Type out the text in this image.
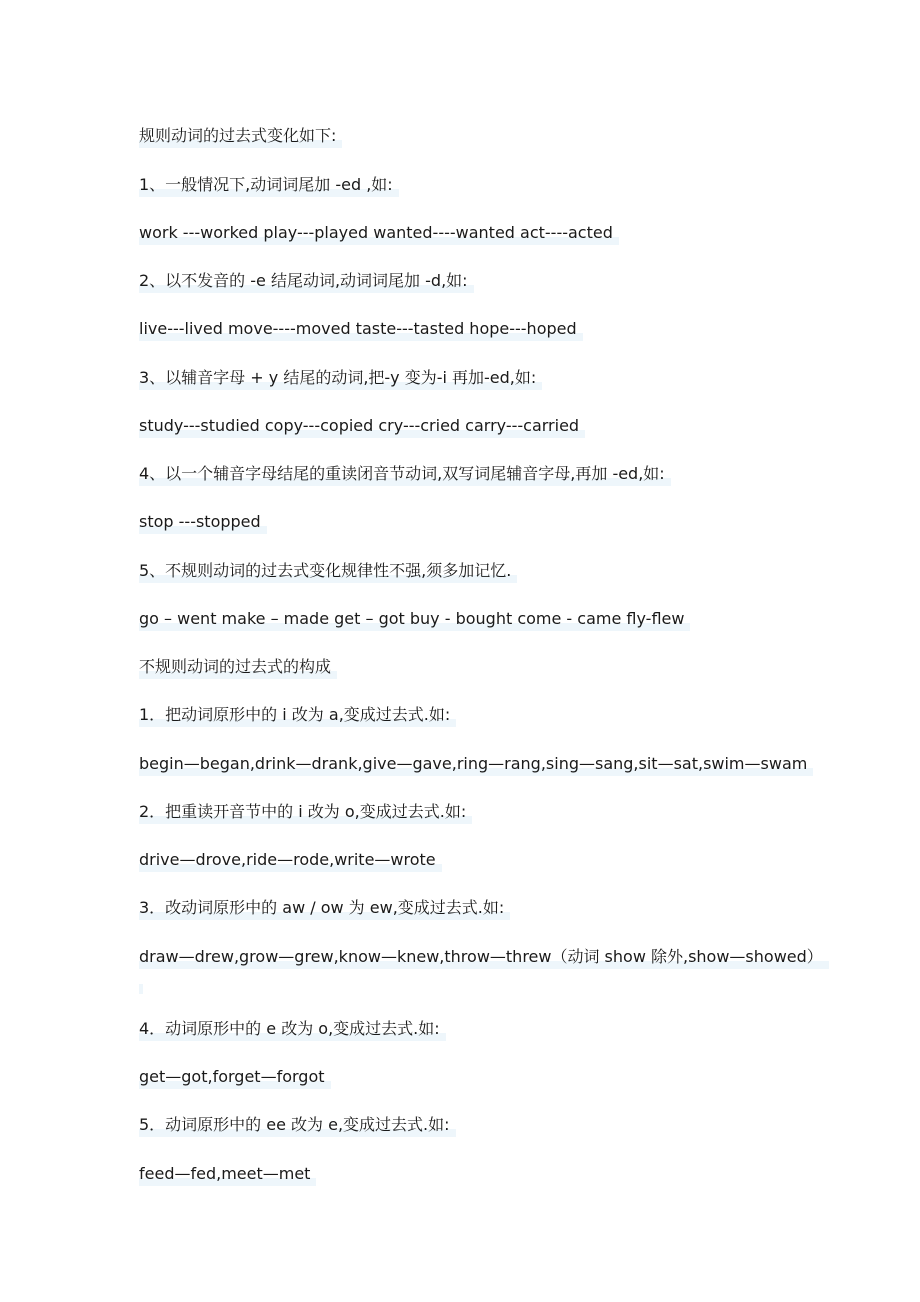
规则动词的过去式变化如下:
1、一般情况下,动词词尾加 -ed ,如:
work ---worked play---played wanted----wanted act----acted
2、以不发音的 -e 结尾动词,动词词尾加 -d,如:
live---lived move----moved taste---tasted hope---hoped
3、以辅音字母 + y 结尾的动词,把-y 变为-i 再加-ed,如:
study---studied copy---copied cry---cried carry---carried
4、以一个辅音字母结尾的重读闭音节动词,双写词尾辅音字母,再加 -ed,如:
stop ---stopped
5、不规则动词的过去式变化规律性不强,须多加记忆.
go – went make – made get – got buy - bought come - came fly-flew
不规则动词的过去式的构成
1．把动词原形中的 i 改为 a,变成过去式.如:
begin—began,drink—drank,give—gave,ring—rang,sing—sang,sit—sat,swim—swam
2．把重读开音节中的 i 改为 o,变成过去式.如:
drive—drove,ride—rode,write—wrote
3．改动词原形中的 aw / ow 为 ew,变成过去式.如:
draw—drew,grow—grew,know—knew,throw—threw（动词 show 除外,show—showed）
4．动词原形中的 e 改为 o,变成过去式.如:
get—got,forget—forgot
5．动词原形中的 ee 改为 e,变成过去式.如:
feed—fed,meet—met
